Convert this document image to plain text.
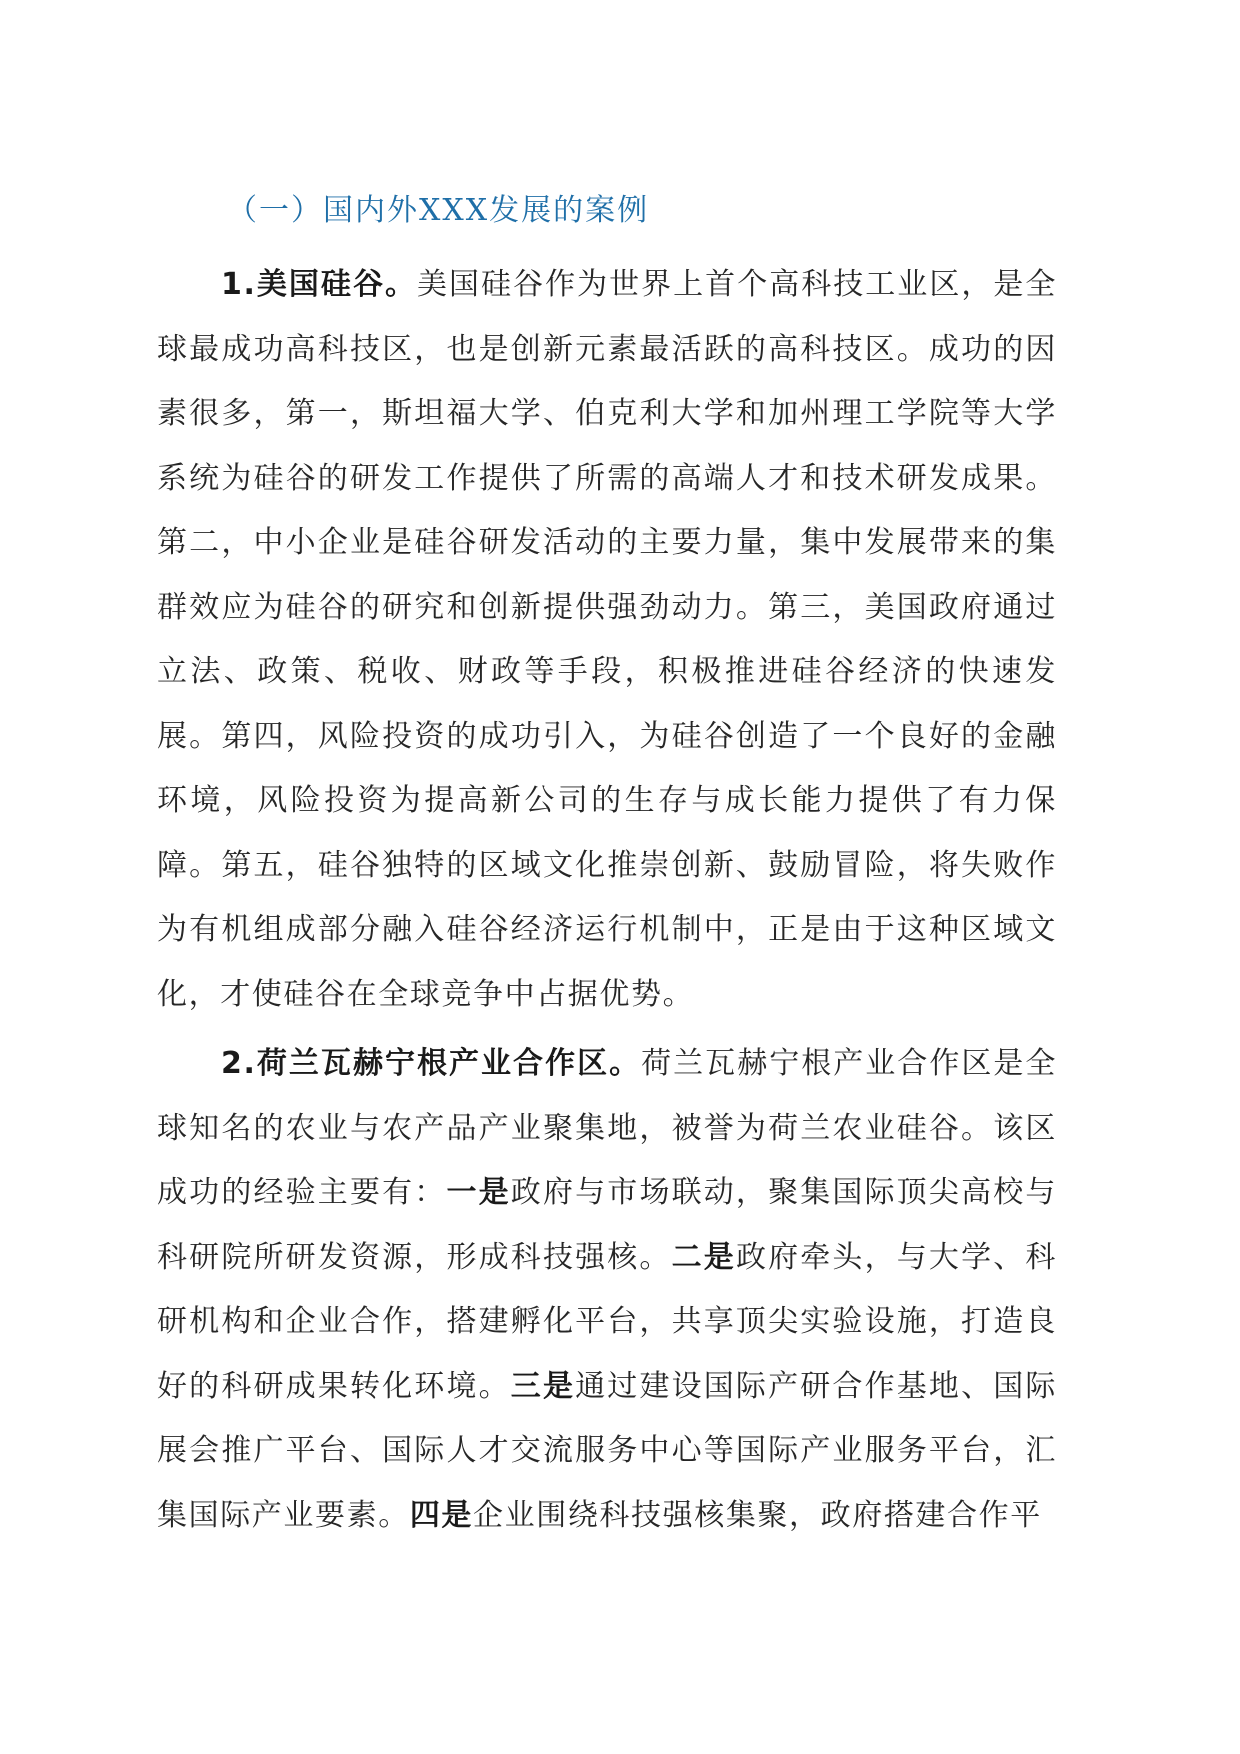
（一）国内外XXX发展的案例

1.美国硅谷。美国硅谷作为世界上首个高科技工业区，是全球最成功高科技区，也是创新元素最活跃的高科技区。成功的因素很多，第一，斯坦福大学、伯克利大学和加州理工学院等大学系统为硅谷的研发工作提供了所需的高端人才和技术研发成果。第二，中小企业是硅谷研发活动的主要力量，集中发展带来的集群效应为硅谷的研究和创新提供强劲动力。第三，美国政府通过立法、政策、税收、财政等手段，积极推进硅谷经济的快速发展。第四，风险投资的成功引入，为硅谷创造了一个良好的金融环境，风险投资为提高新公司的生存与成长能力提供了有力保障。第五，硅谷独特的区域文化推崇创新、鼓励冒险，将失败作为有机组成部分融入硅谷经济运行机制中，正是由于这种区域文化，才使硅谷在全球竞争中占据优势。

2.荷兰瓦赫宁根产业合作区。荷兰瓦赫宁根产业合作区是全球知名的农业与农产品产业聚集地，被誉为荷兰农业硅谷。该区成功的经验主要有：一是政府与市场联动，聚集国际顶尖高校与科研院所研发资源，形成科技强核。二是政府牵头，与大学、科研机构和企业合作，搭建孵化平台，共享顶尖实验设施，打造良好的科研成果转化环境。三是通过建设国际产研合作基地、国际展会推广平台、国际人才交流服务中心等国际产业服务平台，汇集国际产业要素。四是企业围绕科技强核集聚，政府搭建合作平
